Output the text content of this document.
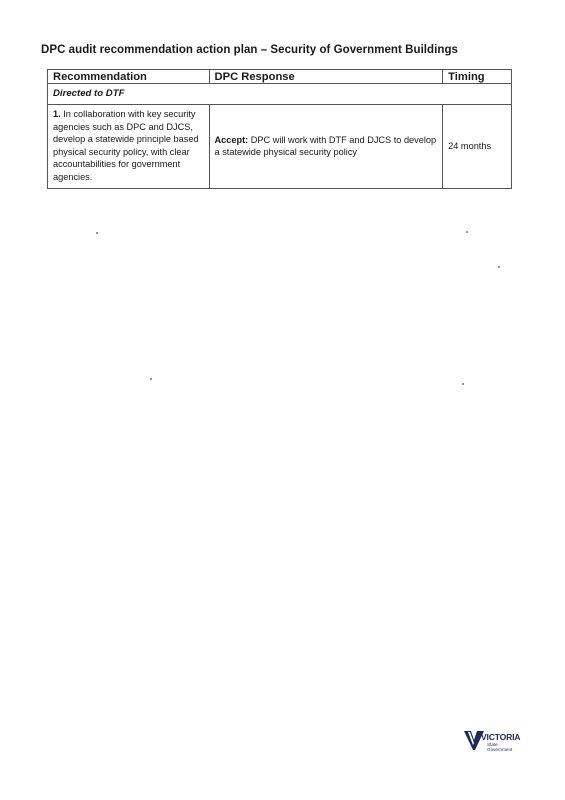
DPC audit recommendation action plan – Security of Government Buildings
Recommendation	DPC Response	Timing
Directed to DTF		
1. In collaboration with key security agencies such as DPC and DJCS, develop a statewide principle based physical security policy, with clear accountabilities for government agencies.	Accept: DPC will work with DTF and DJCS to develop a statewide physical security policy	24 months
VICTORIA
State
Government
